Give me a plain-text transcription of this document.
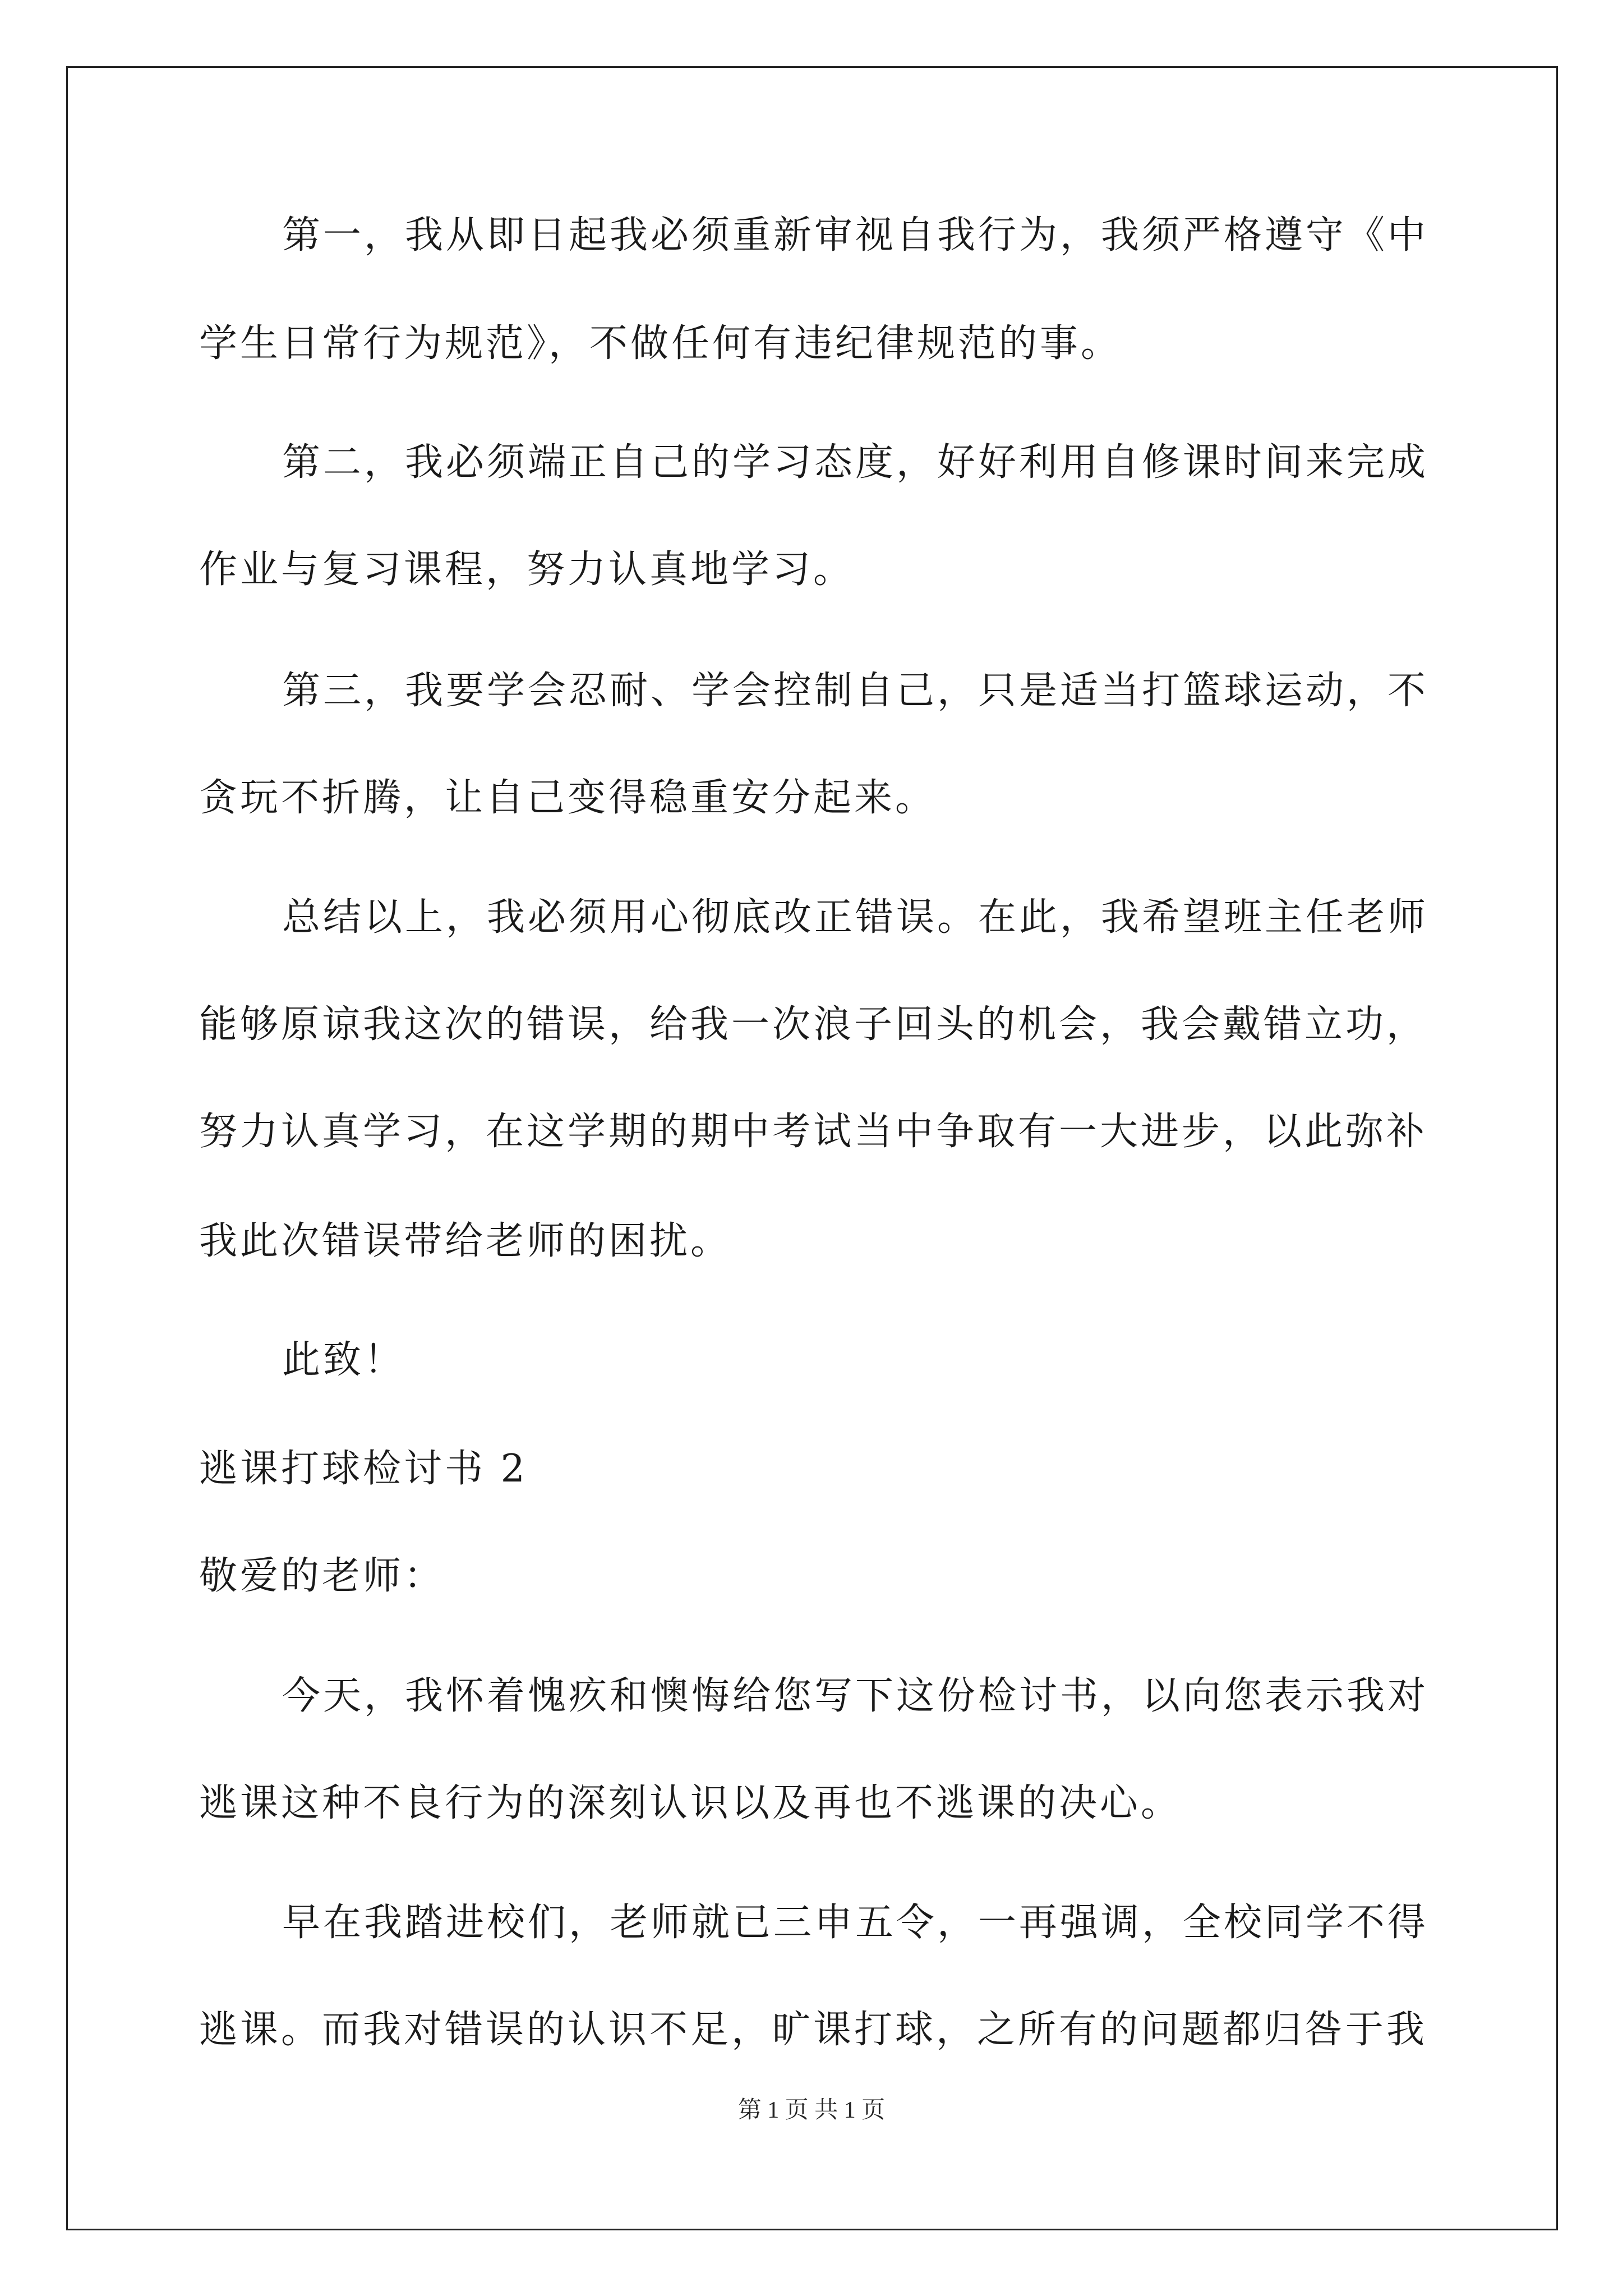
第一，我从即日起我必须重新审视自我行为，我须严格遵守《中
学生日常行为规范》，不做任何有违纪律规范的事。
第二，我必须端正自己的学习态度，好好利用自修课时间来完成
作业与复习课程，努力认真地学习。
第三，我要学会忍耐、学会控制自己，只是适当打篮球运动，不
贪玩不折腾，让自己变得稳重安分起来。
总结以上，我必须用心彻底改正错误。在此，我希望班主任老师
能够原谅我这次的错误，给我一次浪子回头的机会，我会戴错立功，
努力认真学习，在这学期的期中考试当中争取有一大进步，以此弥补
我此次错误带给老师的困扰。
此致！
逃课打球检讨书 2
敬爱的老师：
今天，我怀着愧疚和懊悔给您写下这份检讨书，以向您表示我对
逃课这种不良行为的深刻认识以及再也不逃课的决心。
早在我踏进校们，老师就已三申五令，一再强调，全校同学不得
逃课。而我对错误的认识不足，旷课打球，之所有的问题都归咎于我
第 1 页 共 1 页
